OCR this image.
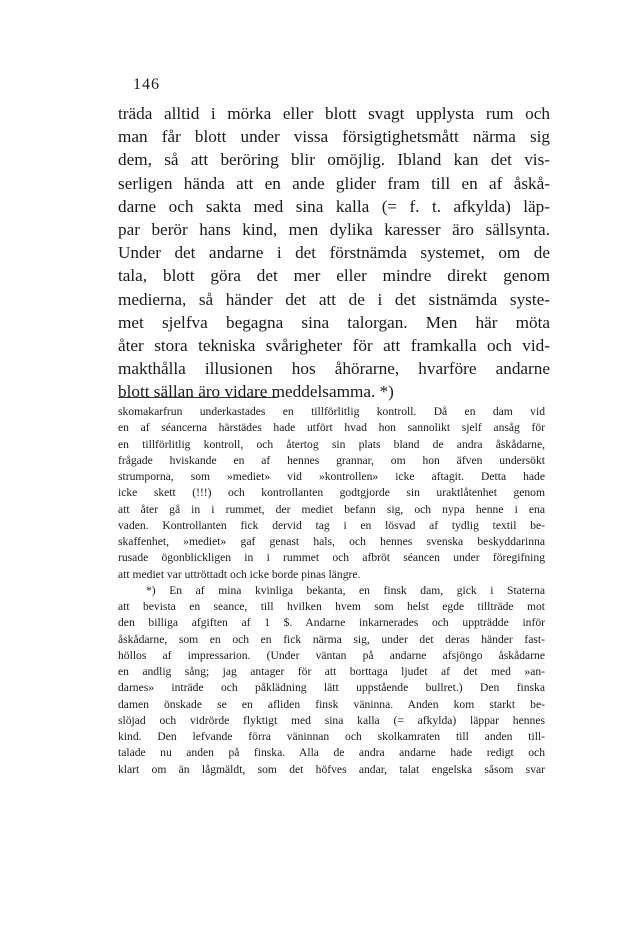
146
träda alltid i mörka eller blott svagt upplysta rum och
man får blott under vissa försigtighetsmått närma sig
dem, så att beröring blir omöjlig. Ibland kan det vis-
serligen hända att en ande glider fram till en af åskå-
darne och sakta med sina kalla (= f. t. afkylda) läp-
par berör hans kind, men dylika karesser äro sällsynta.
Under det andarne i det förstnämda systemet, om de
tala, blott göra det mer eller mindre direkt genom
medierna, så händer det att de i det sistnämda syste-
met sjelfva begagna sina talorgan. Men här möta
åter stora tekniska svårigheter för att framkalla och vid-
makthålla illusionen hos åhörarne, hvarföre andarne
blott sällan äro vidare meddelsamma. *)
skomakarfrun underkastades en tillförlitlig kontroll. Då en dam vid
en af séancerna härstädes hade utfört hvad hon sannolikt sjelf ansåg för
en tillförlitlig kontroll, och återtog sin plats bland de andra åskådarne,
frågade hviskande en af hennes grannar, om hon äfven undersökt
strumporna, som »mediet» vid »kontrollen» icke aftagit. Detta hade
icke skett (!!!) och kontrollanten godtgjorde sin uraktlåtenhet genom
att åter gå in i rummet, der mediet befann sig, och nypa henne i ena
vaden. Kontrollanten fick dervid tag i en lösvad af tydlig textil be-
skaffenhet, »mediet» gaf genast hals, och hennes svenska beskyddarinna
rusade ögonblickligen in i rummet och afbröt séancen under föregifning
att mediet var uttröttadt och icke borde pinas längre.
*) En af mina kvinliga bekanta, en finsk dam, gick i Staterna
att bevista en seance, till hvilken hvem som helst egde tillträde mot
den billiga afgiften af 1 $. Andarne inkarnerades och uppträdde inför
åskådarne, som en och en fick närma sig, under det deras händer fast-
höllos af impressarion. (Under väntan på andarne afsjöngo åskådarne
en andlig sång; jag antager för att borttaga ljudet af det med »an-
darnes» inträde och påklädning lätt uppstående bullret.) Den finska
damen önskade se en afliden finsk väninna. Anden kom starkt be-
slöjad och vidrörde flyktigt med sina kalla (= afkylda) läppar hennes
kind. Den lefvande förra väninnan och skolkamraten till anden till-
talade nu anden på finska. Alla de andra andarne hade redigt och
klart om än lågmäldt, som det höfves andar, talat engelska såsom svar
